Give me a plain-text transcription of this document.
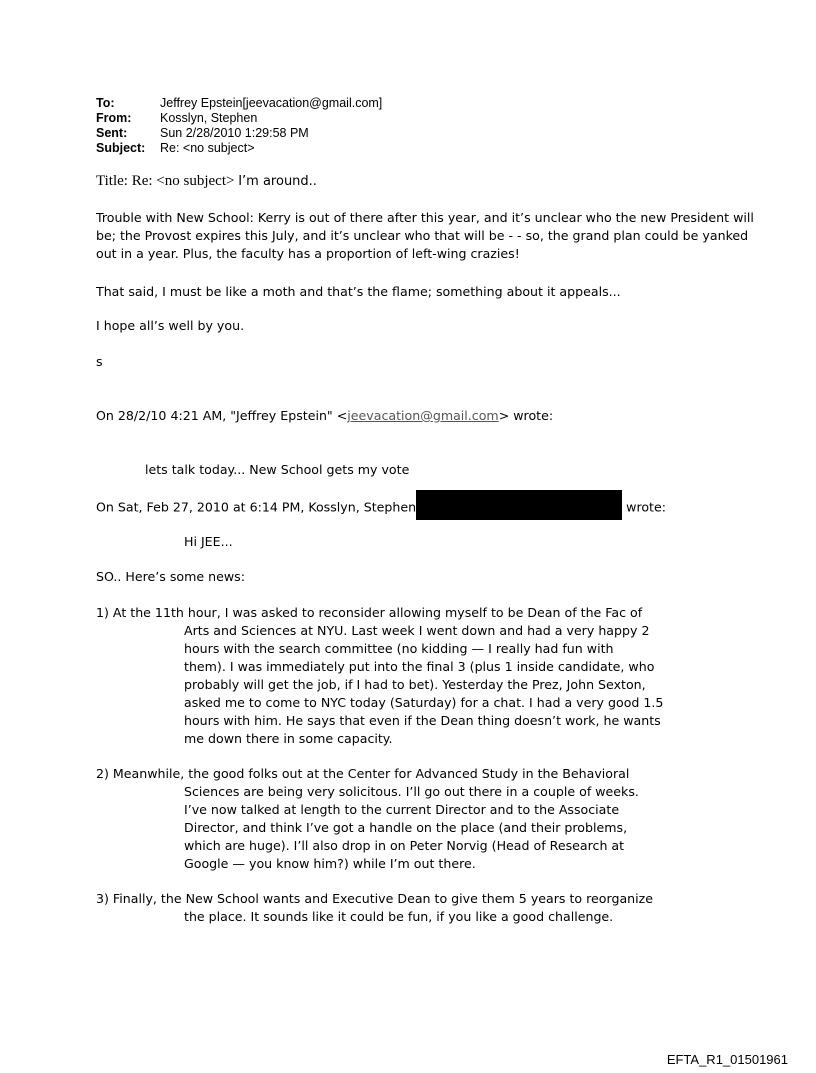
To:	Jeffrey Epstein[jeevacation@gmail.com]
From:	Kosslyn, Stephen
Sent:	Sun 2/28/2010 1:29:58 PM
Subject:	Re: <no subject>
Title: Re: <no subject> I’m around..
Trouble with New School: Kerry is out of there after this year, and it’s unclear who the new President will
be; the Provost expires this July, and it’s unclear who that will be - - so, the grand plan could be yanked
out in a year. Plus, the faculty has a proportion of left-wing crazies!
That said, I must be like a moth and that’s the flame; something about it appeals...
I hope all’s well by you.
s
On 28/2/10 4:21 AM, "Jeffrey Epstein" <jeevacation@gmail.com> wrote:
lets talk today... New School gets my vote
On Sat, Feb 27, 2010 at 6:14 PM, Kosslyn, Stephen	wrote:
Hi JEE...
SO.. Here’s some news:
1) At the 11th hour, I was asked to reconsider allowing myself to be Dean of the Fac of
Arts and Sciences at NYU. Last week I went down and had a very happy 2
hours with the search committee (no kidding — I really had fun with
them). I was immediately put into the final 3 (plus 1 inside candidate, who
probably will get the job, if I had to bet). Yesterday the Prez, John Sexton,
asked me to come to NYC today (Saturday) for a chat. I had a very good 1.5
hours with him. He says that even if the Dean thing doesn’t work, he wants
me down there in some capacity.
2) Meanwhile, the good folks out at the Center for Advanced Study in the Behavioral
Sciences are being very solicitous. I’ll go out there in a couple of weeks.
I’ve now talked at length to the current Director and to the Associate
Director, and think I’ve got a handle on the place (and their problems,
which are huge). I’ll also drop in on Peter Norvig (Head of Research at
Google — you know him?) while I’m out there.
3) Finally, the New School wants and Executive Dean to give them 5 years to reorganize
the place. It sounds like it could be fun, if you like a good challenge.
EFTA_R1_01501961
